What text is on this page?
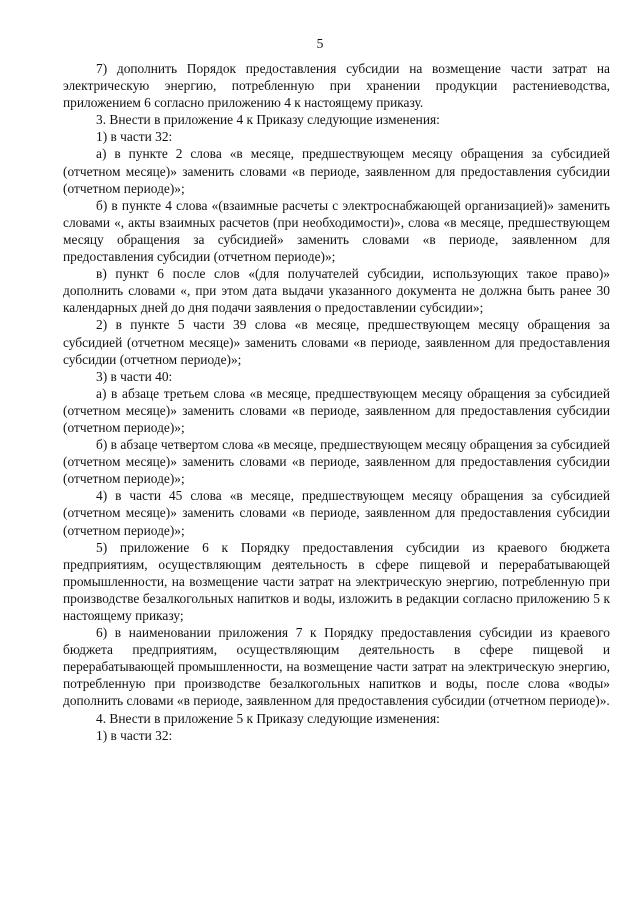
5

7) дополнить Порядок предоставления субсидии на возмещение части затрат на электрическую энергию, потребленную при хранении продукции растениеводства, приложением 6 согласно приложению 4 к настоящему приказу.

3. Внести в приложение 4 к Приказу следующие изменения:

1) в части 32:

а) в пункте 2 слова «в месяце, предшествующем месяцу обращения за субсидией (отчетном месяце)» заменить словами «в периоде, заявленном для предоставления субсидии (отчетном периоде)»;

б) в пункте 4 слова «(взаимные расчеты с электроснабжающей организацией)» заменить словами «, акты взаимных расчетов (при необходимости)», слова «в месяце, предшествующем месяцу обращения за субсидией» заменить словами «в периоде, заявленном для предоставления субсидии (отчетном периоде)»;

в) пункт 6 после слов «(для получателей субсидии, использующих такое право)» дополнить словами «, при этом дата выдачи указанного документа не должна быть ранее 30 календарных дней до дня подачи заявления о предоставлении субсидии»;

2) в пункте 5 части 39 слова «в месяце, предшествующем месяцу обращения за субсидией (отчетном месяце)» заменить словами «в периоде, заявленном для предоставления субсидии (отчетном периоде)»;

3) в части 40:

а) в абзаце третьем слова «в месяце, предшествующем месяцу обращения за субсидией (отчетном месяце)» заменить словами «в периоде, заявленном для предоставления субсидии (отчетном периоде)»;

б) в абзаце четвертом слова «в месяце, предшествующем месяцу обращения за субсидией (отчетном месяце)» заменить словами «в периоде, заявленном для предоставления субсидии (отчетном периоде)»;

4) в части 45 слова «в месяце, предшествующем месяцу обращения за субсидией (отчетном месяце)» заменить словами «в периоде, заявленном для предоставления субсидии (отчетном периоде)»;

5) приложение 6 к Порядку предоставления субсидии из краевого бюджета предприятиям, осуществляющим деятельность в сфере пищевой и перерабатывающей промышленности, на возмещение части затрат на электрическую энергию, потребленную при производстве безалкогольных напитков и воды, изложить в редакции согласно приложению 5 к настоящему приказу;

6) в наименовании приложения 7 к Порядку предоставления субсидии из краевого бюджета предприятиям, осуществляющим деятельность в сфере пищевой и перерабатывающей промышленности, на возмещение части затрат на электрическую энергию, потребленную при производстве безалкогольных напитков и воды, после слова «воды» дополнить словами «в периоде, заявленном для предоставления субсидии (отчетном периоде)».

4. Внести в приложение 5 к Приказу следующие изменения:

1) в части 32:
